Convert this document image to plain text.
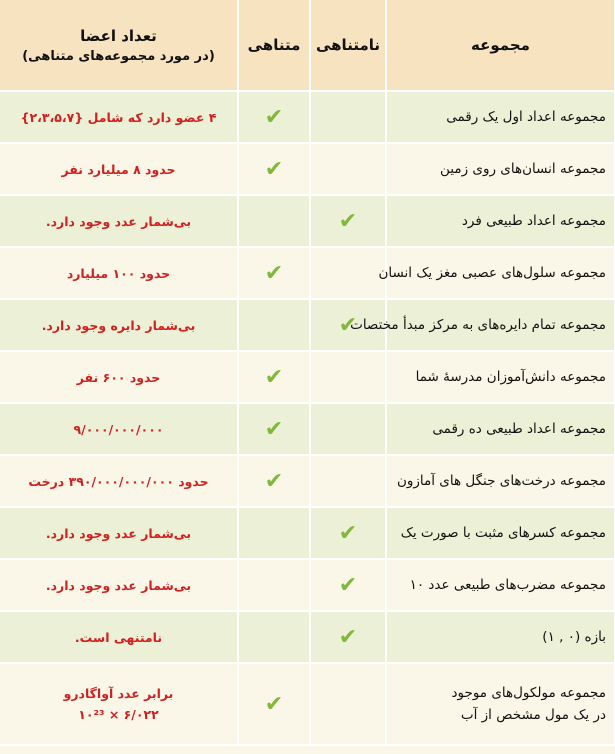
مجموعه	نامتناهی	متناهی	تعداد اعضا
(در مورد مجموعه‌های متناهی)

مجموعه اعداد اول یک رقمی		✔	۴ عضو دارد که شامل {۲،۳،۵،۷}
مجموعه انسان‌های روی زمین		✔	حدود ۸ میلیارد نفر
مجموعه اعداد طبیعی فرد	✔		بی‌شمار عدد وجود دارد.
مجموعه سلول‌های عصبی مغز یک انسان		✔	حدود ۱۰۰ میلیارد
مجموعه تمام دایره‌های به مرکز مبدأ مختصات	✔		بی‌شمار دایره وجود دارد.
مجموعه دانش‌آموزان مدرسهٔ شما		✔	حدود ۶۰۰ نفر
مجموعه اعداد طبیعی ده رقمی		✔	۹/۰۰۰/۰۰۰/۰۰۰
مجموعه درخت‌های جنگل های آمازون		✔	حدود ۳۹۰/۰۰۰/۰۰۰/۰۰۰ درخت
مجموعه کسرهای مثبت با صورت یک	✔		بی‌شمار عدد وجود دارد.
مجموعه مضرب‌های طبیعی عدد ۱۰	✔		بی‌شمار عدد وجود دارد.
بازه (۰ , ۱)	✔		نامتنهی است.

مجموعه مولکول‌های موجود
در یک مول مشخص از آب		✔	برابر عدد آواگادرو
۶/۰۲۲ × ۱۰²³
